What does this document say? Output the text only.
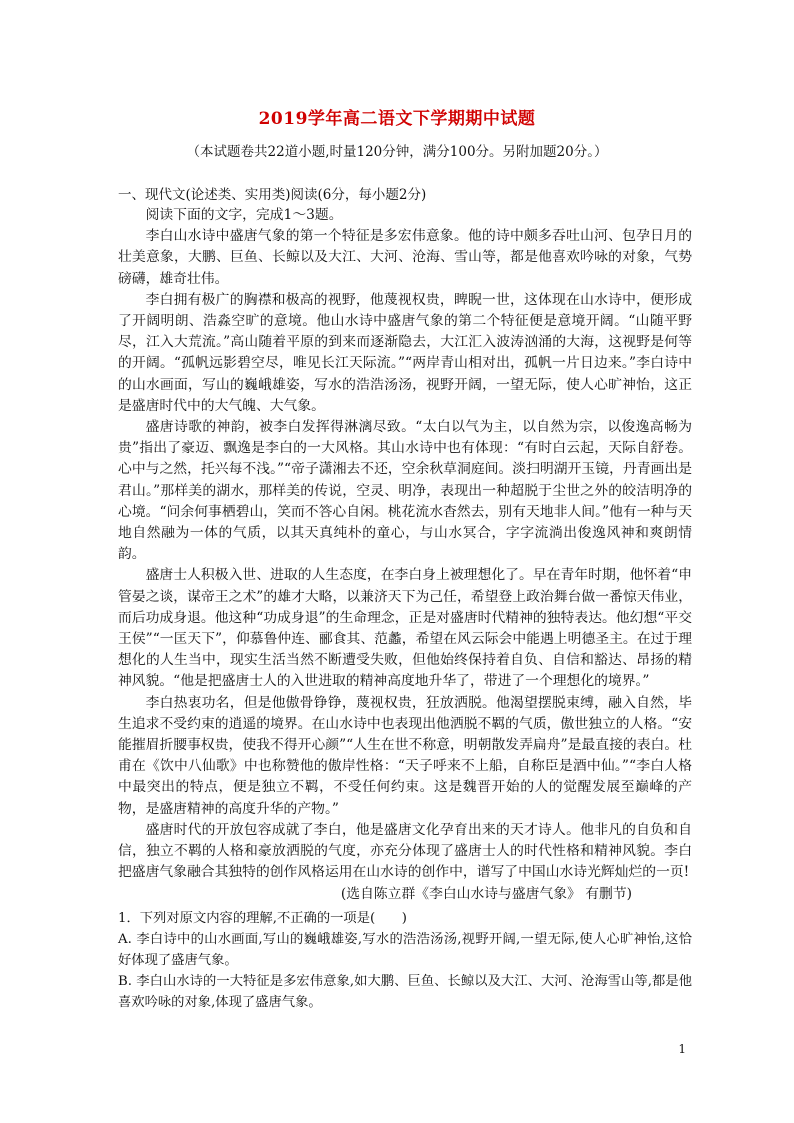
2019学年高二语文下学期期中试题
（本试题卷共22道小题,时量120分钟，满分100分。另附加题20分。）
一、现代文(论述类、实用类)阅读(6分，每小题2分)

阅读下面的文字，完成1～3题。

李白山水诗中盛唐气象的第一个特征是多宏伟意象。他的诗中颇多吞吐山河、包孕日月的壮美意象，大鹏、巨鱼、长鲸以及大江、大河、沧海、雪山等，都是他喜欢吟咏的对象，气势磅礴，雄奇壮伟。

李白拥有极广的胸襟和极高的视野，他蔑视权贵，睥睨一世，这体现在山水诗中，便形成了开阔明朗、浩淼空旷的意境。他山水诗中盛唐气象的第二个特征便是意境开阔。“山随平野尽，江入大荒流。”高山随着平原的到来而逐渐隐去，大江汇入波涛汹涌的大海，这视野是何等的开阔。“孤帆远影碧空尽，唯见长江天际流。”“两岸青山相对出，孤帆一片日边来。”李白诗中的山水画面，写山的巍峨雄姿，写水的浩浩汤汤，视野开阔，一望无际，使人心旷神怡，这正是盛唐时代中的大气魄、大气象。

盛唐诗歌的神韵，被李白发挥得淋漓尽致。“太白以气为主，以自然为宗，以俊逸高畅为贵”指出了豪迈、飘逸是李白的一大风格。其山水诗中也有体现：“有时白云起，天际自舒卷。心中与之然，托兴每不浅。”“帝子潇湘去不还，空余秋草洞庭间。淡扫明湖开玉镜，丹青画出是君山。”那样美的湖水，那样美的传说，空灵、明净，表现出一种超脱于尘世之外的皎洁明净的心境。“问余何事栖碧山，笑而不答心自闲。桃花流水杳然去，别有天地非人间。”他有一种与天地自然融为一体的气质，以其天真纯朴的童心，与山水冥合，字字流淌出俊逸风神和爽朗情韵。

盛唐士人积极入世、进取的人生态度，在李白身上被理想化了。早在青年时期，他怀着“申管晏之谈，谋帝王之术”的雄才大略，以兼济天下为己任，希望登上政治舞台做一番惊天伟业，而后功成身退。他这种“功成身退”的生命理念，正是对盛唐时代精神的独特表达。他幻想“平交王侯”“一匡天下”，仰慕鲁仲连、郦食其、范蠡，希望在风云际会中能遇上明德圣主。在过于理想化的人生当中，现实生活当然不断遭受失败，但他始终保持着自负、自信和豁达、昂扬的精神风貌。“他是把盛唐士人的入世进取的精神高度地升华了，带进了一个理想化的境界。”

李白热衷功名，但是他傲骨铮铮，蔑视权贵，狂放洒脱。他渴望摆脱束缚，融入自然，毕生追求不受约束的逍遥的境界。在山水诗中也表现出他洒脱不羁的气质，傲世独立的人格。“安能摧眉折腰事权贵，使我不得开心颜”“人生在世不称意，明朝散发弄扁舟”是最直接的表白。杜甫在《饮中八仙歌》中也称赞他的傲岸性格：“天子呼来不上船，自称臣是酒中仙。”“李白人格中最突出的特点，便是独立不羁，不受任何约束。这是魏晋开始的人的觉醒发展至巅峰的产物，是盛唐精神的高度升华的产物。”

盛唐时代的开放包容成就了李白，他是盛唐文化孕育出来的天才诗人。他非凡的自负和自信，独立不羁的人格和豪放洒脱的气度，亦充分体现了盛唐士人的时代性格和精神风貌。李白把盛唐气象融合其独特的创作风格运用在山水诗的创作中，谱写了中国山水诗光辉灿烂的一页!

(选自陈立群《李白山水诗与盛唐气象》 有删节)

1．下列对原文内容的理解,不正确的一项是(　　)

A. 李白诗中的山水画面,写山的巍峨雄姿,写水的浩浩汤汤,视野开阔,一望无际,使人心旷神怡,这恰好体现了盛唐气象。

B. 李白山水诗的一大特征是多宏伟意象,如大鹏、巨鱼、长鲸以及大江、大河、沧海雪山等,都是他喜欢吟咏的对象,体现了盛唐气象。

1
